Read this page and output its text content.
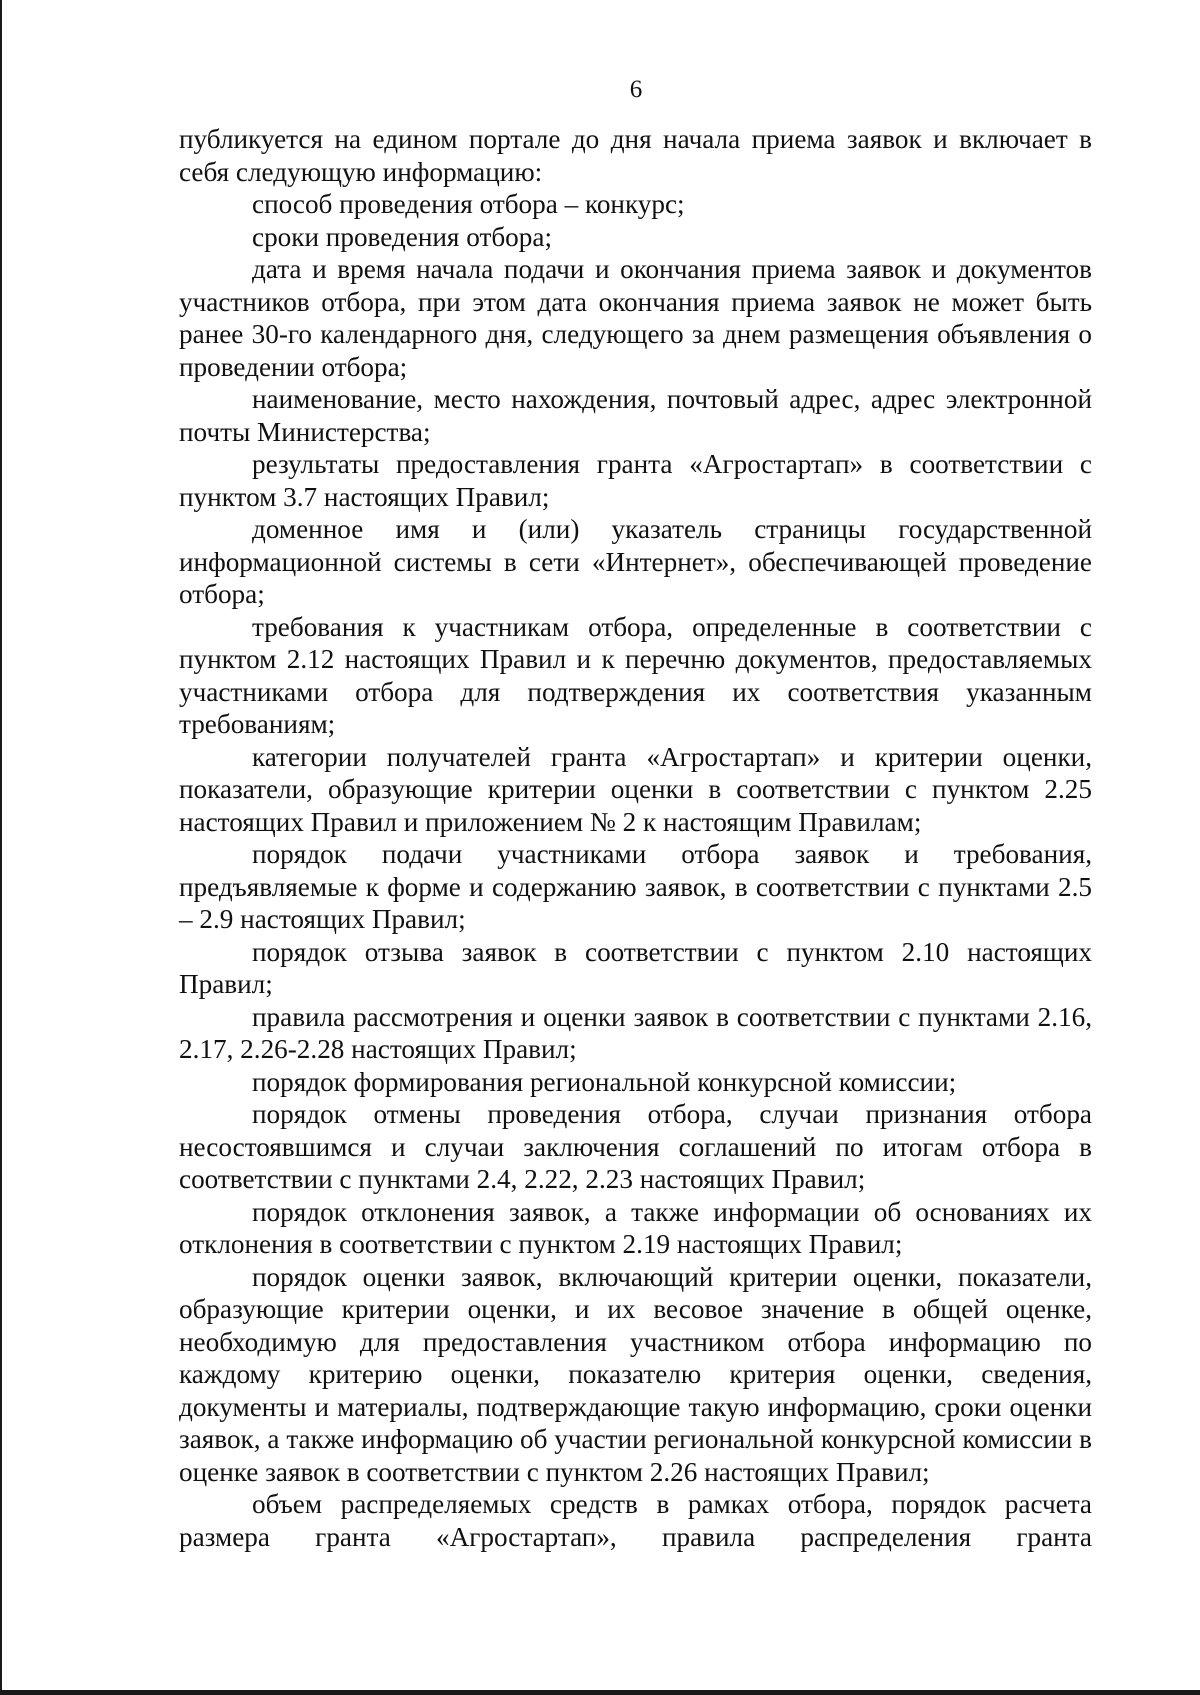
6

публикуется на едином портале до дня начала приема заявок и включает в себя следующую информацию:

способ проведения отбора – конкурс;

сроки проведения отбора;

дата и время начала подачи и окончания приема заявок и документов участников отбора, при этом дата окончания приема заявок не может быть ранее 30-го календарного дня, следующего за днем размещения объявления о проведении отбора;

наименование, место нахождения, почтовый адрес, адрес электронной почты Министерства;

результаты предоставления гранта «Агростартап» в соответствии с пунктом 3.7 настоящих Правил;

доменное имя и (или) указатель страницы государственной информационной системы в сети «Интернет», обеспечивающей проведение отбора;

требования к участникам отбора, определенные в соответствии с пунктом 2.12 настоящих Правил и к перечню документов, предоставляемых участниками отбора для подтверждения их соответствия указанным требованиям;

категории получателей гранта «Агростартап» и критерии оценки, показатели, образующие критерии оценки в соответствии с пунктом 2.25 настоящих Правил и приложением № 2 к настоящим Правилам;

порядок подачи участниками отбора заявок и требования, предъявляемые к форме и содержанию заявок, в соответствии с пунктами 2.5 – 2.9 настоящих Правил;

порядок отзыва заявок в соответствии с пунктом 2.10 настоящих Правил;

правила рассмотрения и оценки заявок в соответствии с пунктами 2.16, 2.17, 2.26-2.28 настоящих Правил;

порядок формирования региональной конкурсной комиссии;

порядок отмены проведения отбора, случаи признания отбора несостоявшимся и случаи заключения соглашений по итогам отбора в соответствии с пунктами 2.4, 2.22, 2.23 настоящих Правил;

порядок отклонения заявок, а также информации об основаниях их отклонения в соответствии с пунктом 2.19 настоящих Правил;

порядок оценки заявок, включающий критерии оценки, показатели, образующие критерии оценки, и их весовое значение в общей оценке, необходимую для предоставления участником отбора информацию по каждому критерию оценки, показателю критерия оценки, сведения, документы и материалы, подтверждающие такую информацию, сроки оценки заявок, а также информацию об участии региональной конкурсной комиссии в оценке заявок в соответствии с пунктом 2.26 настоящих Правил;

объем распределяемых средств в рамках отбора, порядок расчета размера гранта «Агростартап», правила распределения гранта
